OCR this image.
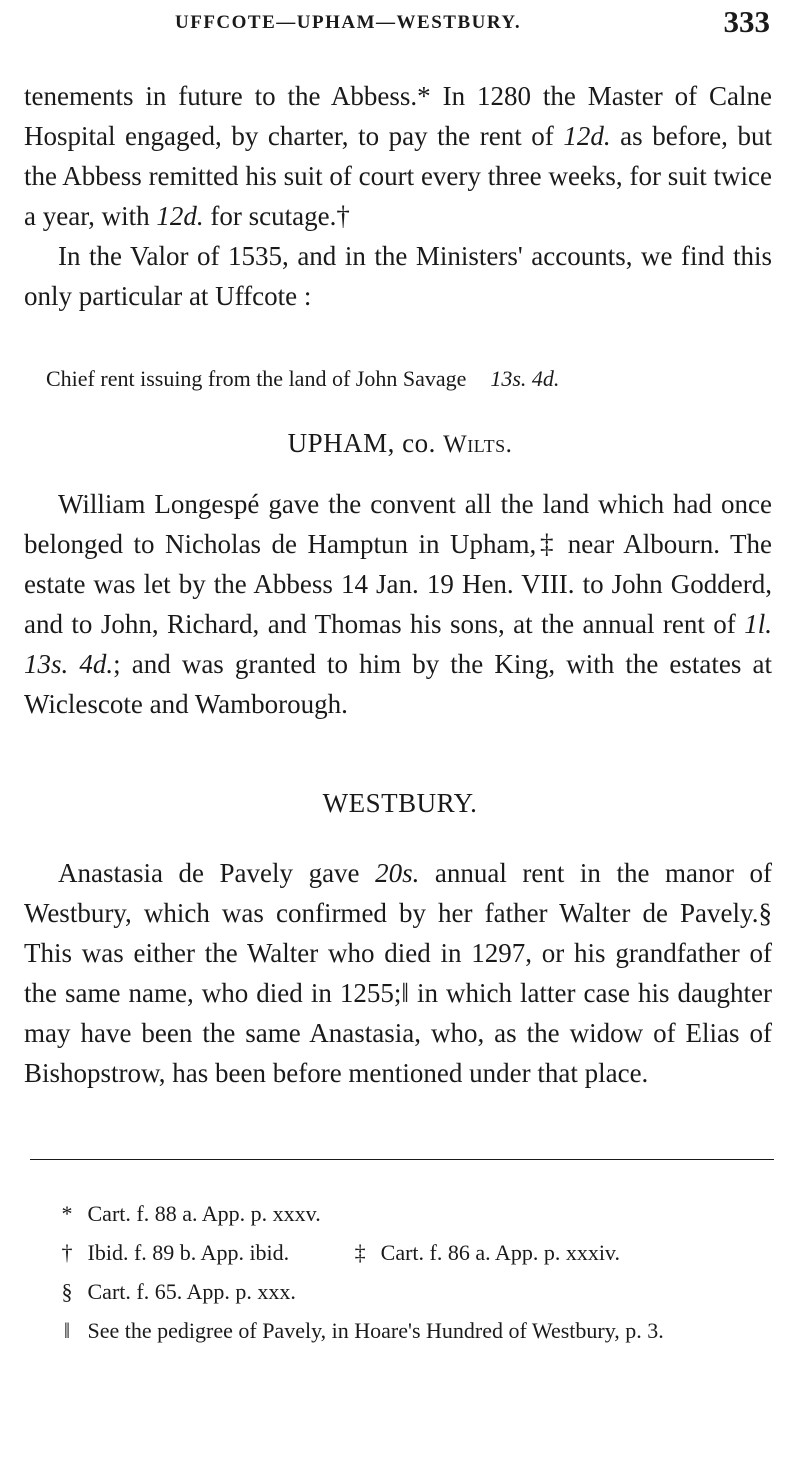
UFFCOTE—UPHAM—WESTBURY.	333

tenements in future to the Abbess.* In 1280 the Master of Calne Hospital engaged, by charter, to pay the rent of 12d. as before, but the Abbess remitted his suit of court every three weeks, for suit twice a year, with 12d. for scutage.†

In the Valor of 1535, and in the Ministers' accounts, we find this only particular at Uffcote :

Chief rent issuing from the land of John Savage 13s. 4d.
UPHAM, co. Wilts.

William Longespé gave the convent all the land which had once belonged to Nicholas de Hamptun in Upham,‡ near Albourn. The estate was let by the Abbess 14 Jan. 19 Hen. VIII. to John Godderd, and to John, Richard, and Thomas his sons, at the annual rent of 1l. 13s. 4d.; and was granted to him by the King, with the estates at Wiclescote and Wamborough.

WESTBURY.

Anastasia de Pavely gave 20s. annual rent in the manor of Westbury, which was confirmed by her father Walter de Pavely.§ This was either the Walter who died in 1297, or his grandfather of the same name, who died in 1255;‖ in which latter case his daughter may have been the same Anastasia, who, as the widow of Elias of Bishopstrow, has been before mentioned under that place.

* Cart. f. 88 a. App. p. xxxv.
† Ibid. f. 89 b. App. ibid.	‡ Cart. f. 86 a. App. p. xxxiv.
§ Cart. f. 65. App. p. xxx.
‖ See the pedigree of Pavely, in Hoare's Hundred of Westbury, p. 3.
